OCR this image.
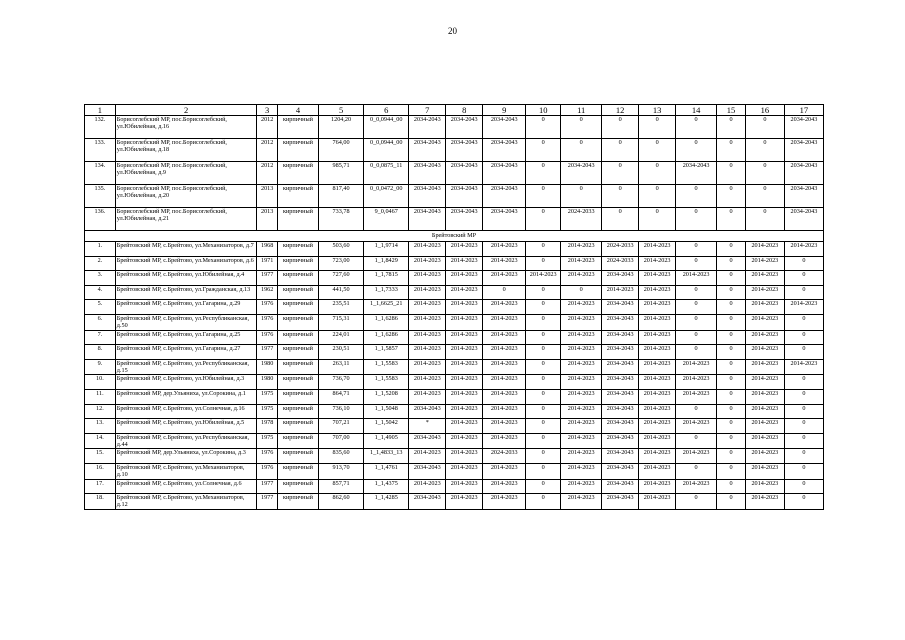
20
1	2	3	4	5	6	7	8	9	10	11	12	13	14	15	16	17
132.	Борисоглебский МР, пос.Борисоглебский, ул.Юбилейная, д.16	2012	кирпичный	1204,20	0_0,0944_00	2034-2043	2034-2043	2034-2043	0	0	0	0	0	0	0	2034-2043
133.	Борисоглебский МР, пос.Борисоглебский, ул.Юбилейная, д.18	2012	кирпичный	764,00	0_0,0944_00	2034-2043	2034-2043	2034-2043	0	0	0	0	0	0	0	2034-2043
134.	Борисоглебский МР, пос.Борисоглебский, ул.Юбилейная, д.9	2012	кирпичный	985,71	0_0,0875_11	2034-2043	2034-2043	2034-2043	0	2034-2043	0	0	2034-2043	0	0	2034-2043
135.	Борисоглебский МР, пос.Борисоглебский, ул.Юбилейная, д.20	2013	кирпичный	817,40	0_0,0472_00	2034-2043	2034-2043	2034-2043	0	0	0	0	0	0	0	2034-2043
136.	Борисоглебский МР, пос.Борисоглебский, ул.Юбилейная, д.21	2013	кирпичный	733,78	9_0,0467	2034-2043	2034-2043	2034-2043	0	2024-2033	0	0	0	0	0	2034-2043
Брейтовский МР																
1.	Брейтовский МР, с.Брейтово, ул.Механизаторов, д.7	1968	кирпичный	503,60	1_1,9714	2014-2023	2014-2023	2014-2023	0	2014-2023	2024-2033	2014-2023	0	0	2014-2023	2014-2023
2.	Брейтовский МР, с.Брейтово, ул.Механизаторов, д.6	1971	кирпичный	723,00	1_1,8429	2014-2023	2014-2023	2014-2023	0	2014-2023	2024-2033	2014-2023	0	0	2014-2023	0
3.	Брейтовский МР, с.Брейтово, ул.Юбилейная, д.4	1977	кирпичный	727,60	1_1,7815	2014-2023	2014-2023	2014-2023	2014-2023	2014-2023	2034-2043	2014-2023	2014-2023	0	2014-2023	0
4.	Брейтовский МР, с.Брейтово, ул.Гражданская, д.13	1962	кирпичный	441,50	1_1,7333	2014-2023	2014-2023	0	0	0	2014-2023	2014-2023	0	0	2014-2023	0
5.	Брейтовский МР, с.Брейтово, ул.Гагарина, д.29	1976	кирпичный	235,51	1_1,6625_21	2014-2023	2014-2023	2014-2023	0	2014-2023	2034-2043	2014-2023	0	0	2014-2023	2014-2023
6.	Брейтовский МР, с.Брейтово, ул.Республиканская, д.50	1976	кирпичный	715,31	1_1,6286	2014-2023	2014-2023	2014-2023	0	2014-2023	2034-2043	2014-2023	0	0	2014-2023	0
7.	Брейтовский МР, с.Брейтово, ул.Гагарина, д.25	1976	кирпичный	224,01	1_1,6286	2014-2023	2014-2023	2014-2023	0	2014-2023	2034-2043	2014-2023	0	0	2014-2023	0
8.	Брейтовский МР, с.Брейтово, ул.Гагарина, д.27	1977	кирпичный	230,51	1_1,5857	2014-2023	2014-2023	2014-2023	0	2014-2023	2034-2043	2014-2023	0	0	2014-2023	0
9.	Брейтовский МР, с.Брейтово, ул.Республиканская, д.15	1980	кирпичный	263,11	1_1,5583	2014-2023	2014-2023	2014-2023	0	2014-2023	2034-2043	2014-2023	2014-2023	0	2014-2023	2014-2023
10.	Брейтовский МР, с.Брейтово, ул.Юбилейная, д.3	1980	кирпичный	736,70	1_1,5583	2014-2023	2014-2023	2014-2023	0	2014-2023	2034-2043	2014-2023	2014-2023	0	2014-2023	0
11.	Брейтовский МР, дер.Ульяниха, ул.Сорокина, д.1	1975	кирпичный	864,71	1_1,5208	2014-2023	2014-2023	2014-2023	0	2014-2023	2034-2043	2014-2023	2014-2023	0	2014-2023	0
12.	Брейтовский МР, с.Брейтово, ул.Солнечная, д.16	1975	кирпичный	736,10	1_1,5048	2034-2043	2014-2023	2014-2023	0	2014-2023	2034-2043	2014-2023	0	0	2014-2023	0
13.	Брейтовский МР, с.Брейтово, ул.Юбилейная, д.5	1978	кирпичный	707,21	1_1,5042	*	2014-2023	2014-2023	0	2014-2023	2034-2043	2014-2023	2014-2023	0	2014-2023	0
14.	Брейтовский МР, с.Брейтово, ул.Республиканская, д.44	1975	кирпичный	707,00	1_1,4905	2034-2043	2014-2023	2014-2023	0	2014-2023	2034-2043	2014-2023	0	0	2014-2023	0
15.	Брейтовский МР, дер.Ульяниха, ул.Сорокина, д.3	1976	кирпичный	835,60	1_1,4833_13	2014-2023	2014-2023	2024-2033	0	2014-2023	2034-2043	2014-2023	2014-2023	0	2014-2023	0
16.	Брейтовский МР, с.Брейтово, ул.Механизаторов, д.10	1976	кирпичный	913,70	1_1,4761	2034-2043	2014-2023	2014-2023	0	2014-2023	2034-2043	2014-2023	0	0	2014-2023	0
17.	Брейтовский МР, с.Брейтово, ул.Солнечная, д.6	1977	кирпичный	857,71	1_1,4375	2014-2023	2014-2023	2014-2023	0	2014-2023	2034-2043	2014-2023	2014-2023	0	2014-2023	0
18.	Брейтовский МР, с.Брейтово, ул.Механизаторов, д.12	1977	кирпичный	862,60	1_1,4285	2034-2043	2014-2023	2014-2023	0	2014-2023	2034-2043	2014-2023	0	0	2014-2023	0
